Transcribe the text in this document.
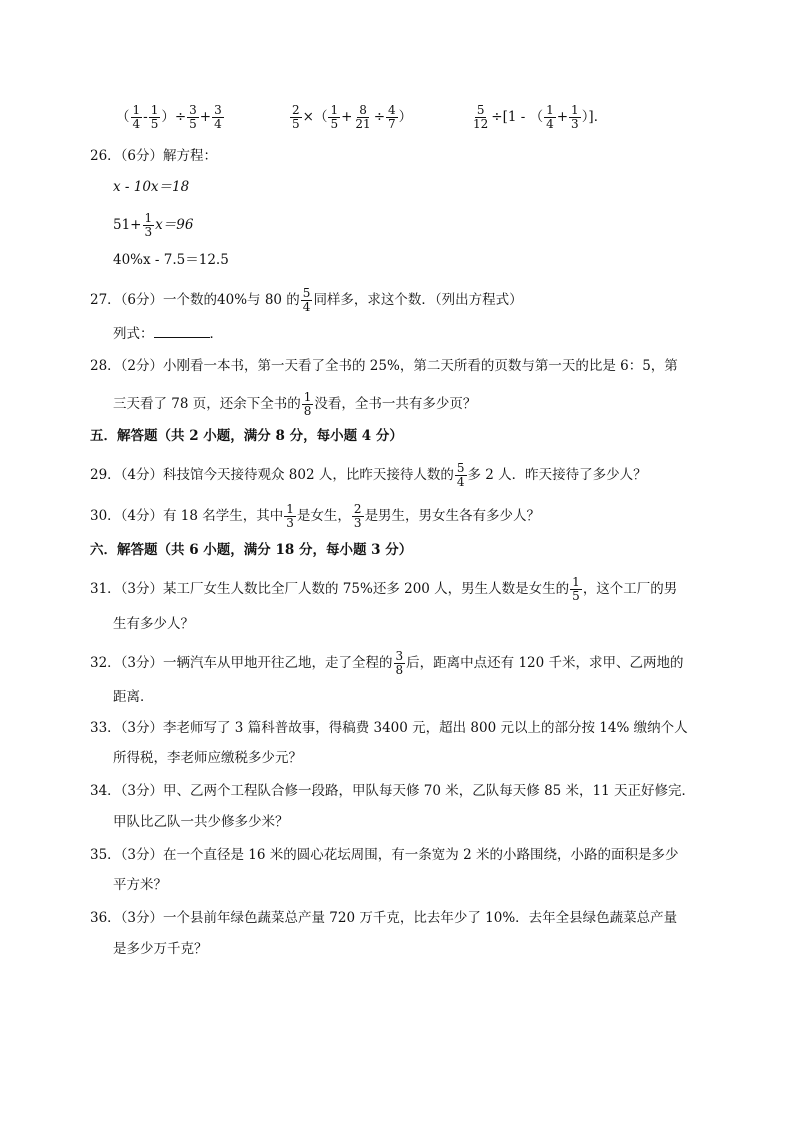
（ $\frac{1}{4} - \frac{1}{5}$ ）÷ $\frac{3}{5} + \frac{3}{4}$	$\frac{2}{5}$ ×（ $\frac{1}{5} + \frac{8}{21} \div \frac{4}{7}$ ）	$\frac{5}{12} \div[1$ - （ $\frac{1}{4} + \frac{1}{3}$ ）]．
26．（6分）解方程：
x - 10x＝18
$51+ \frac{1}{3} x=96$
40%x - 7.5＝12.5
27．（6分）一个数的40%与 80 的 $\frac{5}{4}$ 同样多，求这个数．（列出方程式）
列式：	．
28．（2分）小刚看一本书，第一天看了全书的 25%，第二天所看的页数与第一天的比是 6：5，第
三天看了 78 页，还余下全书的 $\frac{1}{8}$ 没看，全书一共有多少页？
五．解答题（共 2 小题，满分 8 分，每小题 4 分）
29．（4分）科技馆今天接待观众 802 人，比昨天接待人数的 $\frac{5}{4}$ 多 2 人．昨天接待了多少人？
30．（4分）有 18 名学生，其中 $\frac{1}{3}$ 是女生， $\frac{2}{3}$ 是男生，男女生各有多少人？
六．解答题（共 6 小题，满分 18 分，每小题 3 分）
31．（3分）某工厂女生人数比全厂人数的 75%还多 200 人，男生人数是女生的 $\frac{1}{5}$ ，这个工厂的男
生有多少人？
32．（3分）一辆汽车从甲地开往乙地，走了全程的 $\frac{3}{8}$ 后，距离中点还有 120 千米，求甲、乙两地的
距离．
33．（3分）李老师写了 3 篇科普故事，得稿费 3400 元，超出 800 元以上的部分按 14% 缴纳个人
所得税，李老师应缴税多少元？
34．（3分）甲、乙两个工程队合修一段路，甲队每天修 70 米，乙队每天修 85 米，11 天正好修完．
甲队比乙队一共少修多少米？
35．（3分）在一个直径是 16 米的圆心花坛周围，有一条宽为 2 米的小路围绕，小路的面积是多少
平方米？
36．（3分）一个县前年绿色蔬菜总产量 720 万千克，比去年少了 10%．去年全县绿色蔬菜总产量
是多少万千克？
